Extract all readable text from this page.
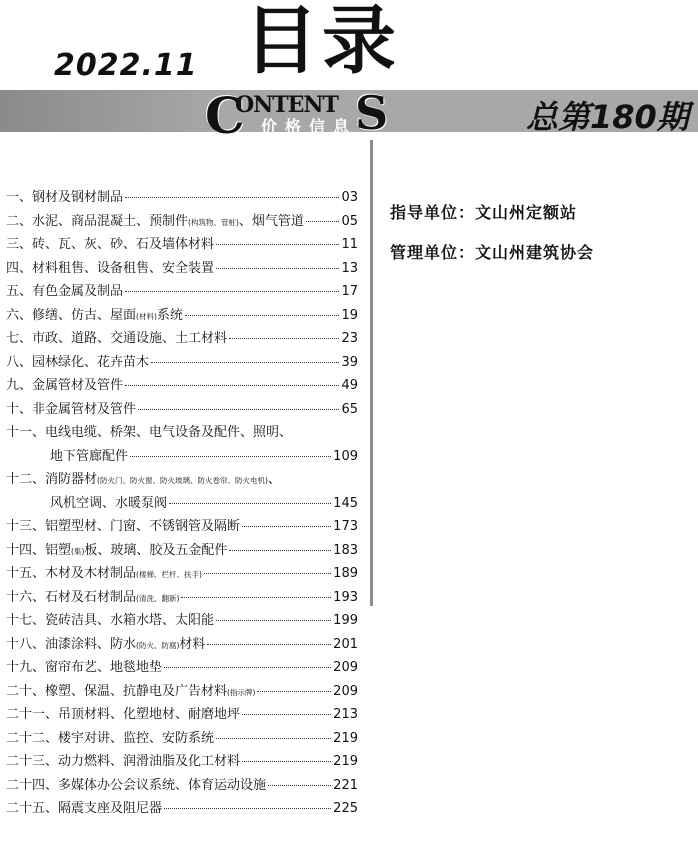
2022.11 目录
C
ONTENT S
价格信息	总第180期
指导单位：文山州定额站
管理单位：文山州建筑协会
一、 钢材及钢材制品	03
二、 水泥、商品混凝土、预制件(构筑物、管桩)、烟气管道	05
三、 砖、瓦、灰、砂、石及墙体材料	11
四、 材料租售、设备租售、安全装置	13
五、 有色金属及制品	17
六、 修缮、仿古、屋面(材料)系统	19
七、 市政、道路、交通设施、土工材料	23
八、 园林绿化、花卉苗木	39
九、 金属管材及管件	49
十、 非金属管材及管件	65
十一、 电线电缆、桥架、电气设备及配件、照明、
地下管廊配件	109
十二、 消防器材(防火门、防火窗、防火玻璃、防火卷帘、防火电机)、
风机空调、水暖泵阀	145
十三、 铝塑型材、门窗、不锈钢管及隔断	173
十四、 铝塑(集)板、玻璃、胶及五金配件	183
十五、 木材及木材制品(楼梯、栏杆、扶手)	189
十六、 石材及石材制品(清洗、翻新)	193
十七、 瓷砖洁具、水箱水塔、太阳能	199
十八、 油漆涂料、防水(防火、防腐)材料	201
十九、 窗帘布艺、地毯地垫	209
二十、 橡塑、保温、抗静电及广告材料(指示牌)	209
二十一、 吊顶材料、化塑地材、耐磨地坪	213
二十二、 楼宇对讲、监控、安防系统	219
二十三、 动力燃料、润滑油脂及化工材料	219
二十四、 多媒体办公会议系统、体育运动设施	221
二十五、 隔震支座及阻尼器	225
